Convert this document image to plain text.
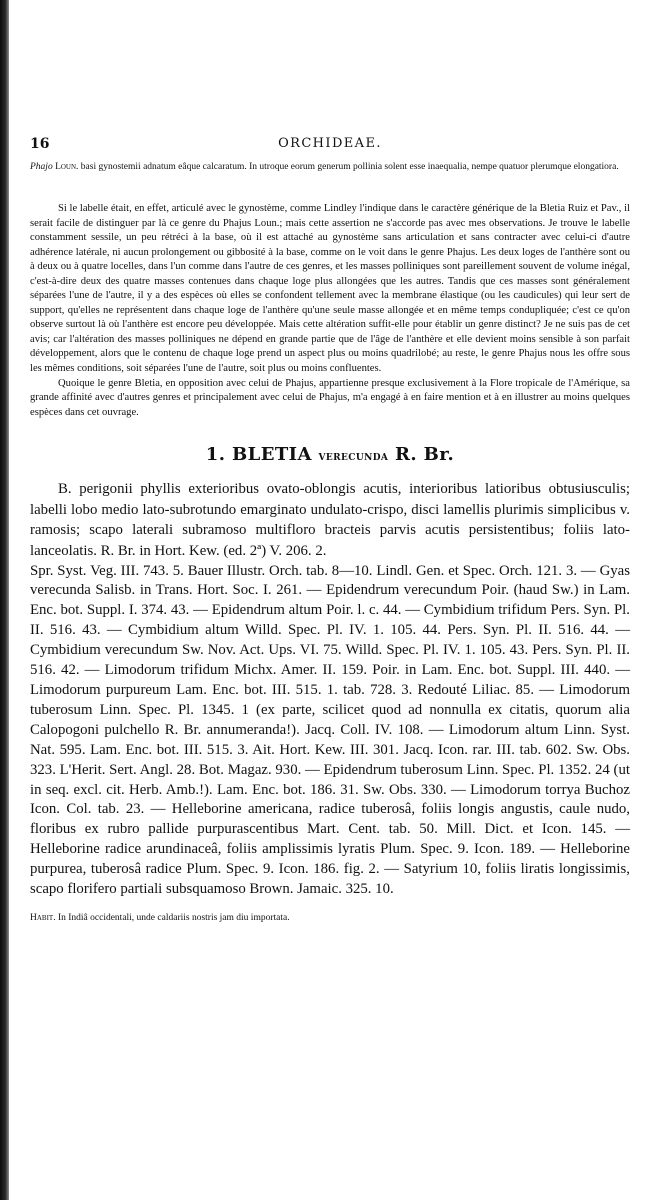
16	ORCHIDEAE.
Phajo Loun. basi gynostemii adnatum eâque calcaratum. In utroque eorum generum pollinia solent esse inaequalia, nempe quatuor plerumque elongatiora.

Si le labelle était, en effet, articulé avec le gynostème, comme Lindley l'indique dans le caractère générique de la Bletia Ruiz et Pav., il serait facile de distinguer par là ce genre du Phajus Loun.; mais cette assertion ne s'accorde pas avec mes observations. Je trouve le labelle constamment sessile, un peu rétréci à la base, où il est attaché au gynostème sans articulation et sans contracter avec celui-ci d'autre adhérence latérale, ni aucun prolongement ou gibbosité à la base, comme on le voit dans le genre Phajus. Les deux loges de l'anthère sont ou à deux ou à quatre locelles, dans l'un comme dans l'autre de ces genres, et les masses polliniques sont pareillement souvent de volume inégal, c'est-à-dire deux des quatre masses contenues dans chaque loge plus allongées que les autres. Tandis que ces masses sont généralement séparées l'une de l'autre, il y a des espèces où elles se confondent tellement avec la membrane élastique (ou les caudicules) qui leur sert de support, qu'elles ne représentent dans chaque loge de l'anthère qu'une seule masse allongée et en même temps condupliquée; c'est ce qu'on observe surtout là où l'anthère est encore peu développée. Mais cette altération suffit-elle pour établir un genre distinct? Je ne suis pas de cet avis; car l'altération des masses polliniques ne dépend en grande partie que de l'âge de l'anthère et elle devient moins sensible à son parfait développement, alors que le contenu de chaque loge prend un aspect plus ou moins quadrilobé; au reste, le genre Phajus nous les offre sous les mêmes conditions, soit séparées l'une de l'autre, soit plus ou moins confluentes.

Quoique le genre Bletia, en opposition avec celui de Phajus, appartienne presque exclusivement à la Flore tropicale de l'Amérique, sa grande affinité avec d'autres genres et principalement avec celui de Phajus, m'a engagé à en faire mention et à en illustrer au moins quelques espèces dans cet ouvrage.

1. BLETIA verecunda R. Br.

B. perigonii phyllis exterioribus ovato-oblongis acutis, interioribus latioribus obtusiusculis; labelli lobo medio lato-subrotundo emarginato undulato-crispo, disci lamellis plurimis simplicibus v. ramosis; scapo laterali subramoso multifloro bracteis parvis acutis persistentibus; foliis lato-lanceolatis. R. Br. in Hort. Kew. (ed. 2ª) V. 206. 2.

Spr. Syst. Veg. III. 743. 5. Bauer Illustr. Orch. tab. 8—10. Lindl. Gen. et Spec. Orch. 121. 3. — Gyas verecunda Salisb. in Trans. Hort. Soc. I. 261. — Epidendrum verecundum Poir. (haud Sw.) in Lam. Enc. bot. Suppl. I. 374. 43. — Epidendrum altum Poir. l. c. 44. — Cymbidium trifidum Pers. Syn. Pl. II. 516. 43. — Cymbidium altum Willd. Spec. Pl. IV. 1. 105. 44. Pers. Syn. Pl. II. 516. 44. — Cymbidium verecundum Sw. Nov. Act. Ups. VI. 75. Willd. Spec. Pl. IV. 1. 105. 43. Pers. Syn. Pl. II. 516. 42. — Limodorum trifidum Michx. Amer. II. 159. Poir. in Lam. Enc. bot. Suppl. III. 440. — Limodorum purpureum Lam. Enc. bot. III. 515. 1. tab. 728. 3. Redouté Liliac. 85. — Limodorum tuberosum Linn. Spec. Pl. 1345. 1 (ex parte, scilicet quod ad nonnulla ex citatis, quorum alia Calopogoni pulchello R. Br. annumeranda!). Jacq. Coll. IV. 108. — Limodorum altum Linn. Syst. Nat. 595. Lam. Enc. bot. III. 515. 3. Ait. Hort. Kew. III. 301. Jacq. Icon. rar. III. tab. 602. Sw. Obs. 323. L'Herit. Sert. Angl. 28. Bot. Magaz. 930. — Epidendrum tuberosum Linn. Spec. Pl. 1352. 24 (ut in seq. excl. cit. Herb. Amb.!). Lam. Enc. bot. 186. 31. Sw. Obs. 330. — Limodorum torrya Buchoz Icon. Col. tab. 23. — Helleborine americana, radice tuberosâ, foliis longis angustis, caule nudo, floribus ex rubro pallide purpurascentibus Mart. Cent. tab. 50. Mill. Dict. et Icon. 145. — Helleborine radice arundinaceâ, foliis amplissimis lyratis Plum. Spec. 9. Icon. 189. — Helleborine purpurea, tuberosâ radice Plum. Spec. 9. Icon. 186. fig. 2. — Satyrium 10, foliis liratis longissimis, scapo florifero partiali subsquamoso Brown. Jamaic. 325. 10.

Habit. In Indiâ occidentali, unde caldariis nostris jam diu importata.
